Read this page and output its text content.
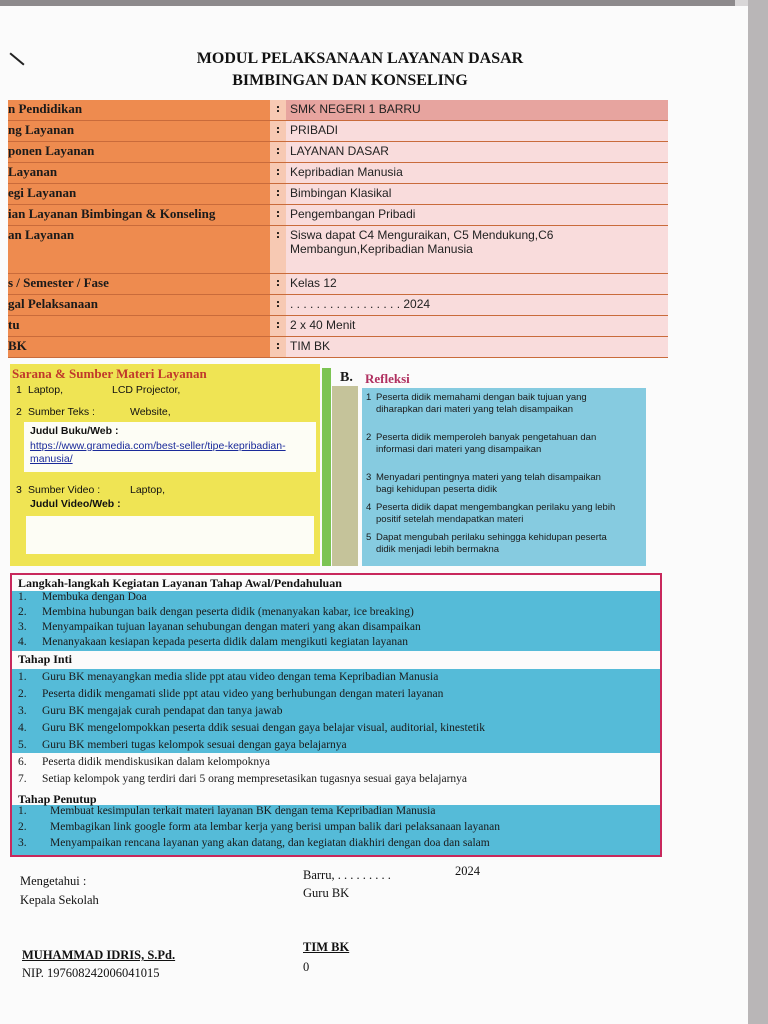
MODUL PELAKSANAAN LAYANAN DASAR
BIMBINGAN DAN KONSELING
n Pendidikan	: SMK NEGERI 1 BARRU
ng Layanan	: PRIBADI
ponen Layanan	: LAYANAN DASAR
Layanan	: Kepribadian Manusia
egi Layanan	: Bimbingan Klasikal
ian Layanan Bimbingan & Konseling	: Pengembangan Pribadi
an Layanan	: Siswa dapat C4 Menguraikan, C5 Mendukung,C6 Membangun,Kepribadian Manusia
s / Semester / Fase	: Kelas 12
gal Pelaksanaan	: . . . . . . . . . . . . . . . . . 2024
tu	: 2 x 40 Menit
BK	: TIM BK
Sarana & Sumber Materi Layanan
1 Laptop,	LCD Projector,
2 Sumber Teks :	Website,
Judul Buku/Web :
https://www.gramedia.com/best-seller/tipe-kepribadian-
manusia/
3 Sumber Video :	Laptop,
Judul Video/Web :
B. Refleksi
1 Peserta didik memahami dengan baik tujuan yang
diharapkan dari materi yang telah disampaikan
2 Peserta didik memperoleh banyak pengetahuan dan
informasi dari materi yang disampaikan
3 Menyadari pentingnya materi yang telah disampaikan
bagi kehidupan peserta didik
4 Peserta didik dapat mengembangkan perilaku yang lebih
positif setelah mendapatkan materi
5 Dapat mengubah perilaku sehingga kehidupan peserta
didik menjadi lebih bermakna
Langkah-langkah Kegiatan Layanan Tahap Awal/Pendahuluan
1. Membuka dengan Doa
2. Membina hubungan baik dengan peserta didik (menanyakan kabar, ice breaking)
3. Menyampaikan tujuan layanan sehubungan dengan materi yang akan disampaikan
4. Menanyakaan kesiapan kepada peserta didik dalam mengikuti kegiatan layanan
Tahap Inti
1. Guru BK menayangkan media slide ppt atau video dengan tema Kepribadian Manusia
2. Peserta didik mengamati slide ppt atau video yang berhubungan dengan materi layanan
3. Guru BK mengajak curah pendapat dan tanya jawab
4. Guru BK mengelompokkan peserta ddik sesuai dengan gaya belajar visual, auditorial, kinestetik
5. Guru BK memberi tugas kelompok sesuai dengan gaya belajarnya
6. Peserta didik mendiskusikan dalam kelompoknya
7. Setiap kelompok yang terdiri dari 5 orang mempresetasikan tugasnya sesuai gaya belajarnya
Tahap Penutup
1. Membuat kesimpulan terkait materi layanan BK dengan tema Kepribadian Manusia
2. Membagikan link google form ata lembar kerja yang berisi umpan balik dari pelaksanaan layanan
3. Menyampaikan rencana layanan yang akan datang, dan kegiatan diakhiri dengan doa dan salam
Mengetahui :
Kepala Sekolah
Barru, . . . . . . . . .	2024
Guru BK
MUHAMMAD IDRIS, S.Pd.
NIP. 197608242006041015
TIM BK
0
